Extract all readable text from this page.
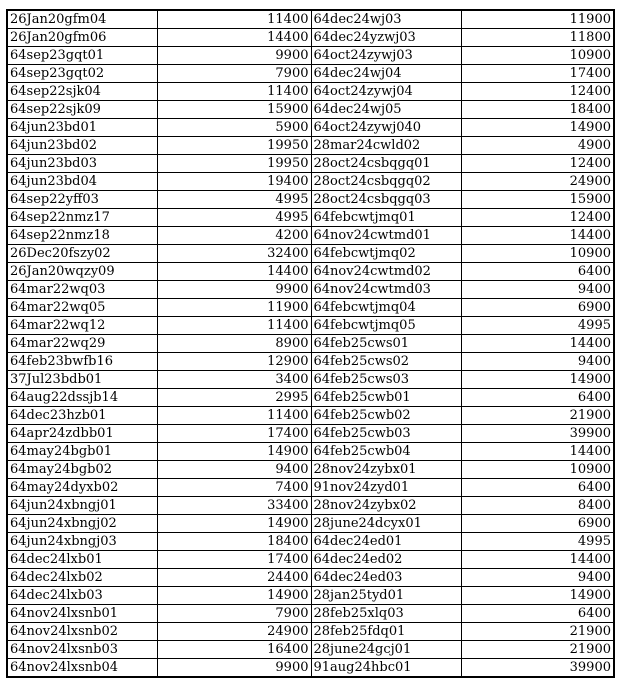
26Jan20gfm04	11400	64dec24wj03	11900
26Jan20gfm06	14400	64dec24yzwj03	11800
64sep23gqt01	9900	64oct24zywj03	10900
64sep23gqt02	7900	64dec24wj04	17400
64sep22sjk04	11400	64oct24zywj04	12400
64sep22sjk09	15900	64dec24wj05	18400
64jun23bd01	5900	64oct24zywj040	14900
64jun23bd02	19950	28mar24cwld02	4900
64jun23bd03	19950	28oct24csbqgq01	12400
64jun23bd04	19400	28oct24csbqgq02	24900
64sep22yff03	4995	28oct24csbqgq03	15900
64sep22nmz17	4995	64febcwtjmq01	12400
64sep22nmz18	4200	64nov24cwtmd01	14400
26Dec20fszy02	32400	64febcwtjmq02	10900
26Jan20wqzy09	14400	64nov24cwtmd02	6400
64mar22wq03	9900	64nov24cwtmd03	9400
64mar22wq05	11900	64febcwtjmq04	6900
64mar22wq12	11400	64febcwtjmq05	4995
64mar22wq29	8900	64feb25cws01	14400
64feb23bwfb16	12900	64feb25cws02	9400
37Jul23bdb01	3400	64feb25cws03	14900
64aug22dssjb14	2995	64feb25cwb01	6400
64dec23hzb01	11400	64feb25cwb02	21900
64apr24zdbb01	17400	64feb25cwb03	39900
64may24bgb01	14900	64feb25cwb04	14400
64may24bgb02	9400	28nov24zybx01	10900
64may24dyxb02	7400	91nov24zyd01	6400
64jun24xbngj01	33400	28nov24zybx02	8400
64jun24xbngj02	14900	28june24dcyx01	6900
64jun24xbngj03	18400	64dec24ed01	4995
64dec24lxb01	17400	64dec24ed02	14400
64dec24lxb02	24400	64dec24ed03	9400
64dec24lxb03	14900	28jan25tyd01	14900
64nov24lxsnb01	7900	28feb25xlq03	6400
64nov24lxsnb02	24900	28feb25fdq01	21900
64nov24lxsnb03	16400	28june24gcj01	21900
64nov24lxsnb04	9900	91aug24hbc01	39900
